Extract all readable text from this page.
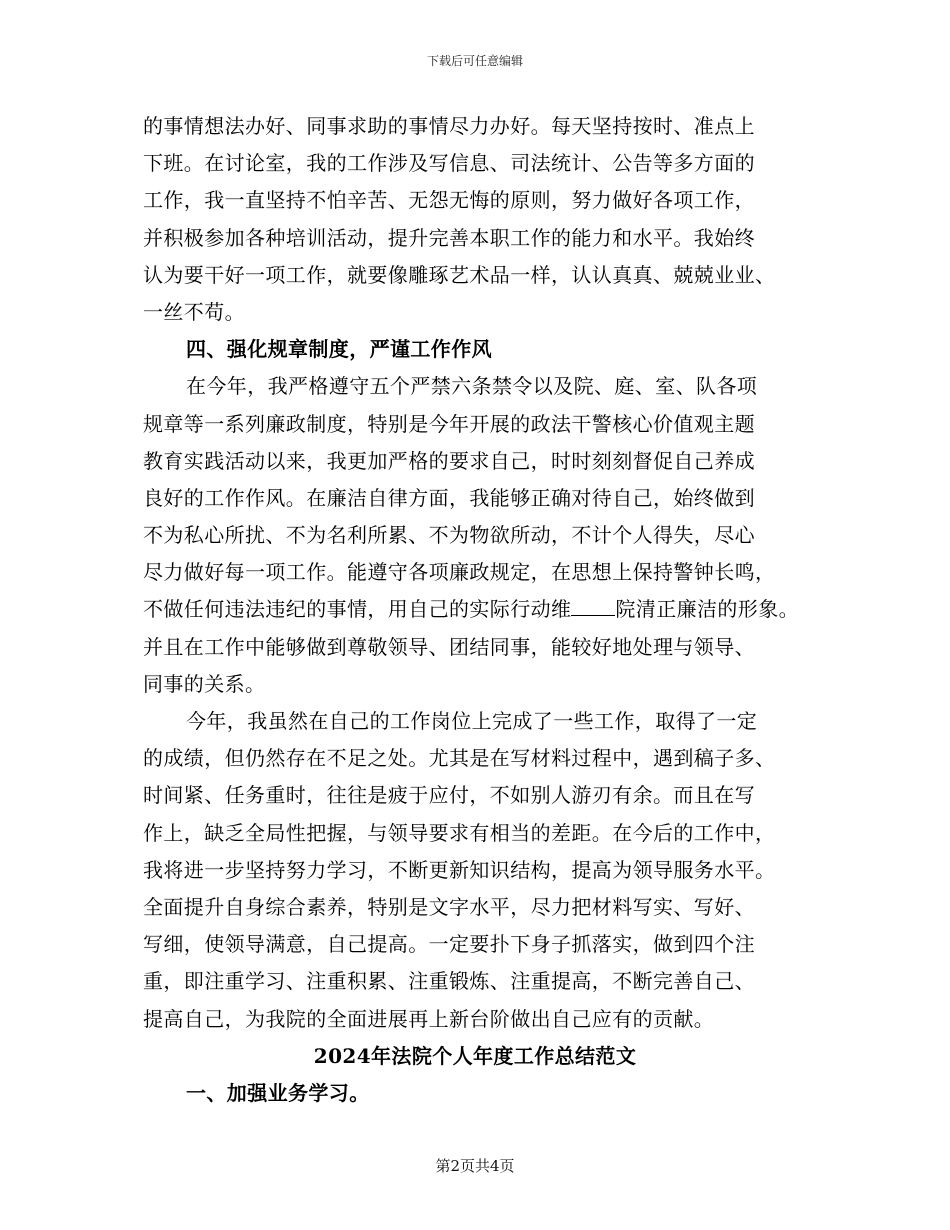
下载后可任意编辑
的事情想法办好、同事求助的事情尽力办好。每天坚持按时、准点上
下班。在讨论室，我的工作涉及写信息、司法统计、公告等多方面的
工作，我一直坚持不怕辛苦、无怨无悔的原则，努力做好各项工作，
并积极参加各种培训活动，提升完善本职工作的能力和水平。我始终
认为要干好一项工作，就要像雕琢艺术品一样，认认真真、兢兢业业、
一丝不苟。
四、强化规章制度，严谨工作作风
在今年，我严格遵守五个严禁六条禁令以及院、庭、室、队各项
规章等一系列廉政制度，特别是今年开展的政法干警核心价值观主题
教育实践活动以来，我更加严格的要求自己，时时刻刻督促自己养成
良好的工作作风。在廉洁自律方面，我能够正确对待自己，始终做到
不为私心所扰、不为名利所累、不为物欲所动，不计个人得失，尽心
尽力做好每一项工作。能遵守各项廉政规定，在思想上保持警钟长鸣，
不做任何违法违纪的事情，用自己的实际行动维 院清正廉洁的形象。
并且在工作中能够做到尊敬领导、团结同事，能较好地处理与领导、
同事的关系。
今年，我虽然在自己的工作岗位上完成了一些工作，取得了一定
的成绩，但仍然存在不足之处。尤其是在写材料过程中，遇到稿子多、
时间紧、任务重时，往往是疲于应付，不如别人游刃有余。而且在写
作上，缺乏全局性把握，与领导要求有相当的差距。在今后的工作中，
我将进一步坚持努力学习，不断更新知识结构，提高为领导服务水平。
全面提升自身综合素养，特别是文字水平，尽力把材料写实、写好、
写细，使领导满意，自己提高。一定要扑下身子抓落实，做到四个注
重，即注重学习、注重积累、注重锻炼、注重提高，不断完善自己、
提高自己，为我院的全面进展再上新台阶做出自己应有的贡献。
2024年法院个人年度工作总结范文
一、加强业务学习。
第2页共4页
